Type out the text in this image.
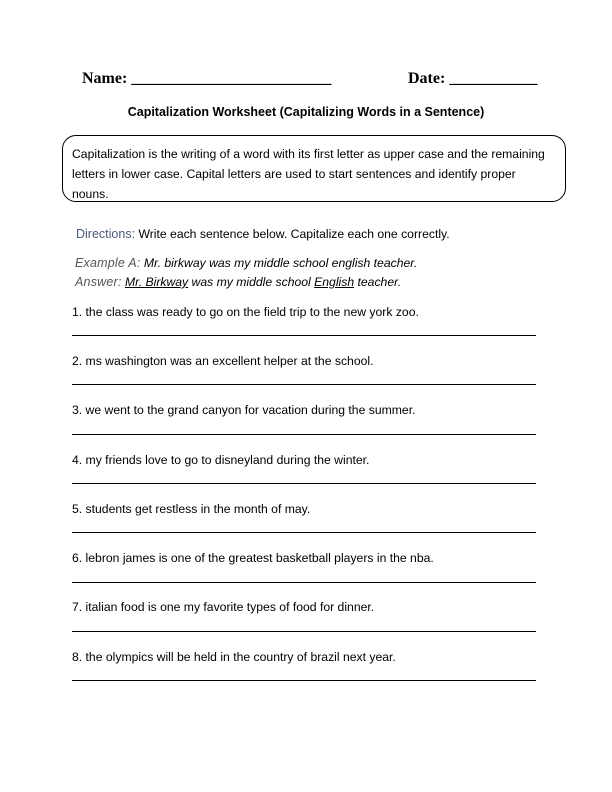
Name: _________________________	Date: ___________
Capitalization Worksheet (Capitalizing Words in a Sentence)
Capitalization is the writing of a word with its first letter as upper case and the remaining letters in lower case. Capital letters are used to start sentences and identify proper nouns.
Directions: Write each sentence below. Capitalize each one correctly.
Example A: Mr. birkway was my middle school english teacher.
Answer: Mr. Birkway was my middle school English teacher.
1. the class was ready to go on the field trip to the new york zoo.
2. ms washington was an excellent helper at the school.
3. we went to the grand canyon for vacation during the summer.
4. my friends love to go to disneyland during the winter.
5. students get restless in the month of may.
6. lebron james is one of the greatest basketball players in the nba.
7. italian food is one my favorite types of food for dinner.
8. the olympics will be held in the country of brazil next year.
